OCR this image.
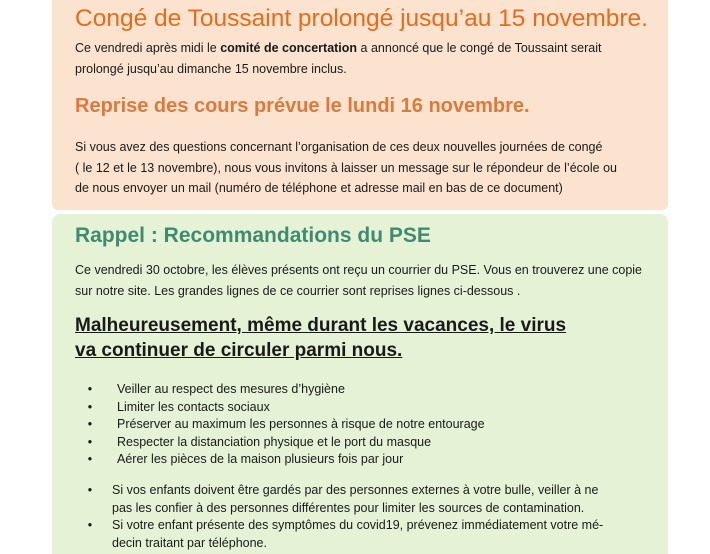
Congé de Toussaint prolongé jusqu’au 15 novembre.

Ce vendredi après midi le comité de concertation a annoncé que le congé de Toussaint serait
prolongé jusqu’au dimanche 15 novembre inclus.

Reprise des cours prévue le lundi 16 novembre.

Si vous avez des questions concernant l’organisation de ces deux nouvelles journées de congé
( le 12 et le 13 novembre), nous vous invitons à laisser un message sur le répondeur de l’école ou
de nous envoyer un mail (numéro de téléphone et adresse mail en bas de ce document)

Rappel : Recommandations du PSE

Ce vendredi 30 octobre, les élèves présents ont reçu un courrier du PSE. Vous en trouverez une copie
sur notre site. Les grandes lignes de ce courrier sont reprises lignes ci-dessous .

Malheureusement, même durant les vacances, le virus
va continuer de circuler parmi nous.

• Veiller au respect des mesures d’hygiène
• Limiter les contacts sociaux
• Préserver au maximum les personnes à risque de notre entourage
• Respecter la distanciation physique et le port du masque
• Aérer les pièces de la maison plusieurs fois par jour
• Si vos enfants doivent être gardés par des personnes externes à votre bulle, veiller à ne
pas les confier à des personnes différentes pour limiter les sources de contamination.
• Si votre enfant présente des symptômes du covid19, prévenez immédiatement votre mé-
decin traitant par téléphone.
